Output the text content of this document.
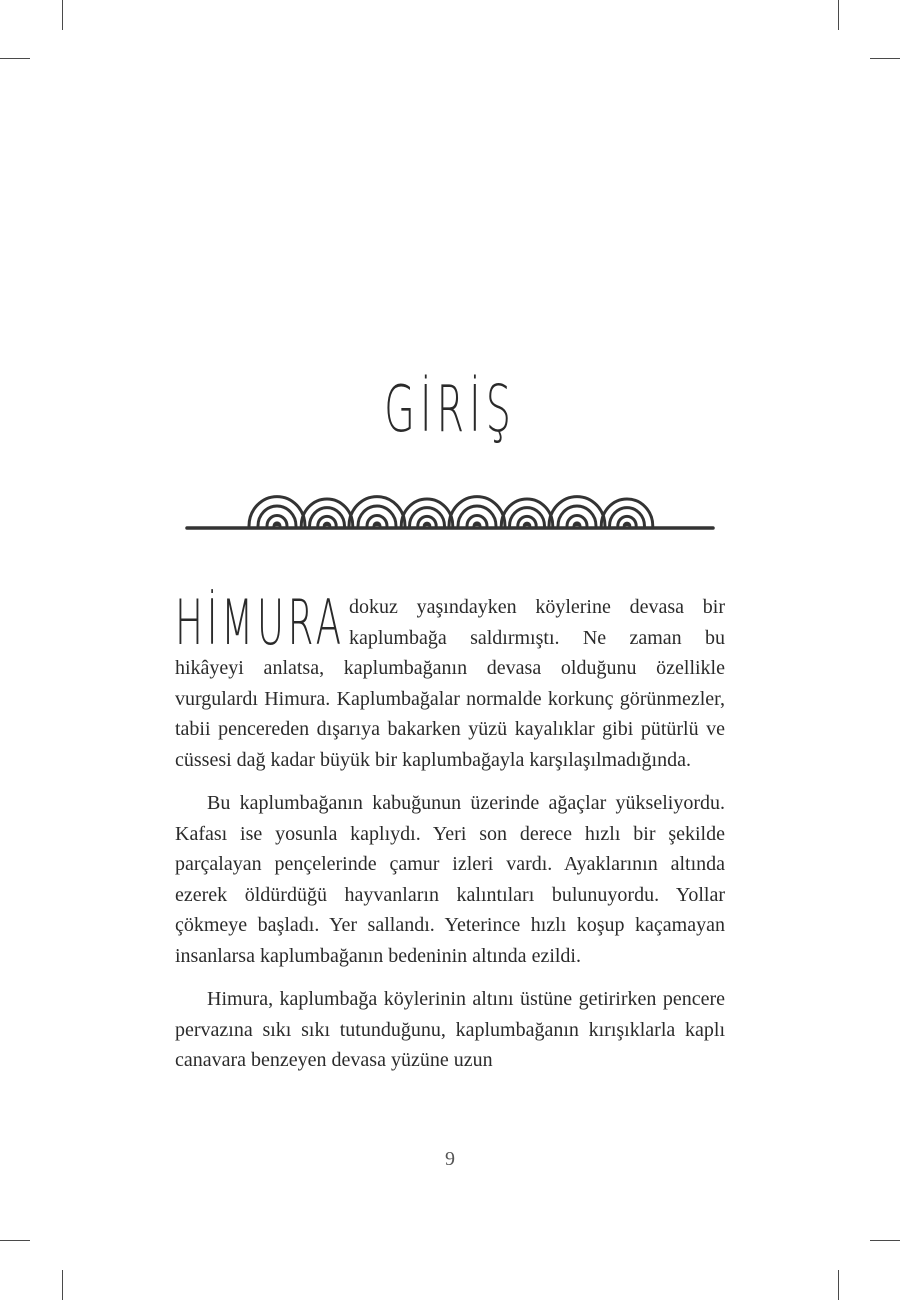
GİRİŞ

HİMURA dokuz yaşındayken köylerine devasa bir kaplumbağa saldırmıştı. Ne zaman bu hikâyeyi anlatsa, kaplumbağanın devasa olduğunu özellikle vurgulardı Himura. Kaplumbağalar normalde korkunç görünmezler, tabii pencereden dışarıya bakarken yüzü kayalıklar gibi pütürlü ve cüssesi dağ kadar büyük bir kaplumbağayla karşılaşılmadığında.

Bu kaplumbağanın kabuğunun üzerinde ağaçlar yükseliyordu. Kafası ise yosunla kaplıydı. Yeri son derece hızlı bir şekilde parçalayan pençelerinde çamur izleri vardı. Ayaklarının altında ezerek öldürdüğü hayvanların kalıntıları bulunuyordu. Yollar çökmeye başladı. Yer sallandı. Yeterince hızlı koşup kaçamayan insanlarsa kaplumbağanın bedeninin altında ezildi.

Himura, kaplumbağa köylerinin altını üstüne getirirken pencere pervazına sıkı sıkı tutunduğunu, kaplumbağanın kırışıklarla kaplı canavara benzeyen devasa yüzüne uzun

9
